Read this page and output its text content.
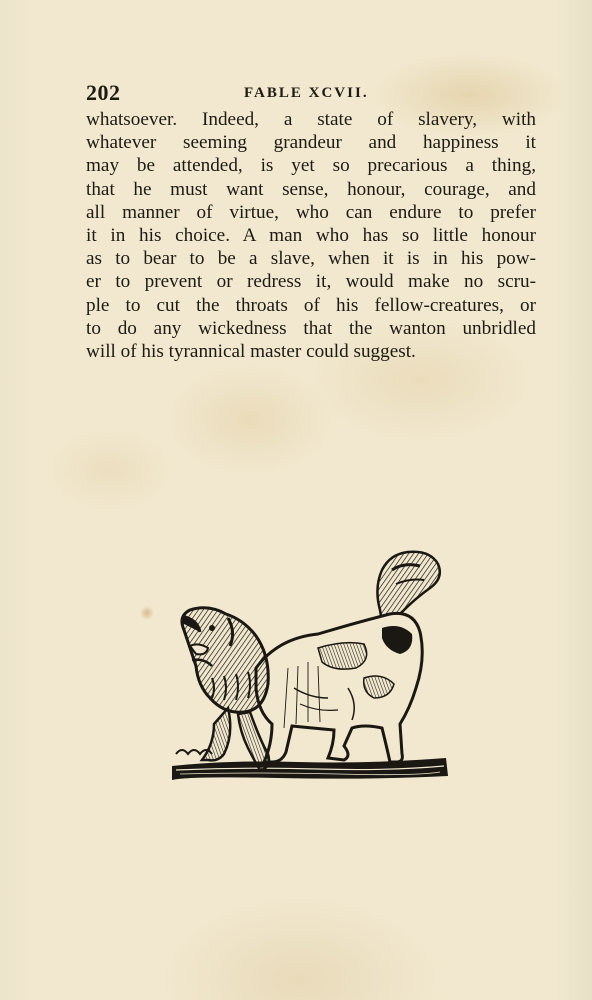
202	FABLE XCVII.
whatsoever. Indeed, a state of slavery, with
whatever seeming grandeur and happiness it
may be attended, is yet so precarious a thing,
that he must want sense, honour, courage, and
all manner of virtue, who can endure to prefer
it in his choice. A man who has so little honour
as to bear to be a slave, when it is in his pow-
er to prevent or redress it, would make no scru-
ple to cut the throats of his fellow-creatures, or
to do any wickedness that the wanton unbridled
will of his tyrannical master could suggest.
